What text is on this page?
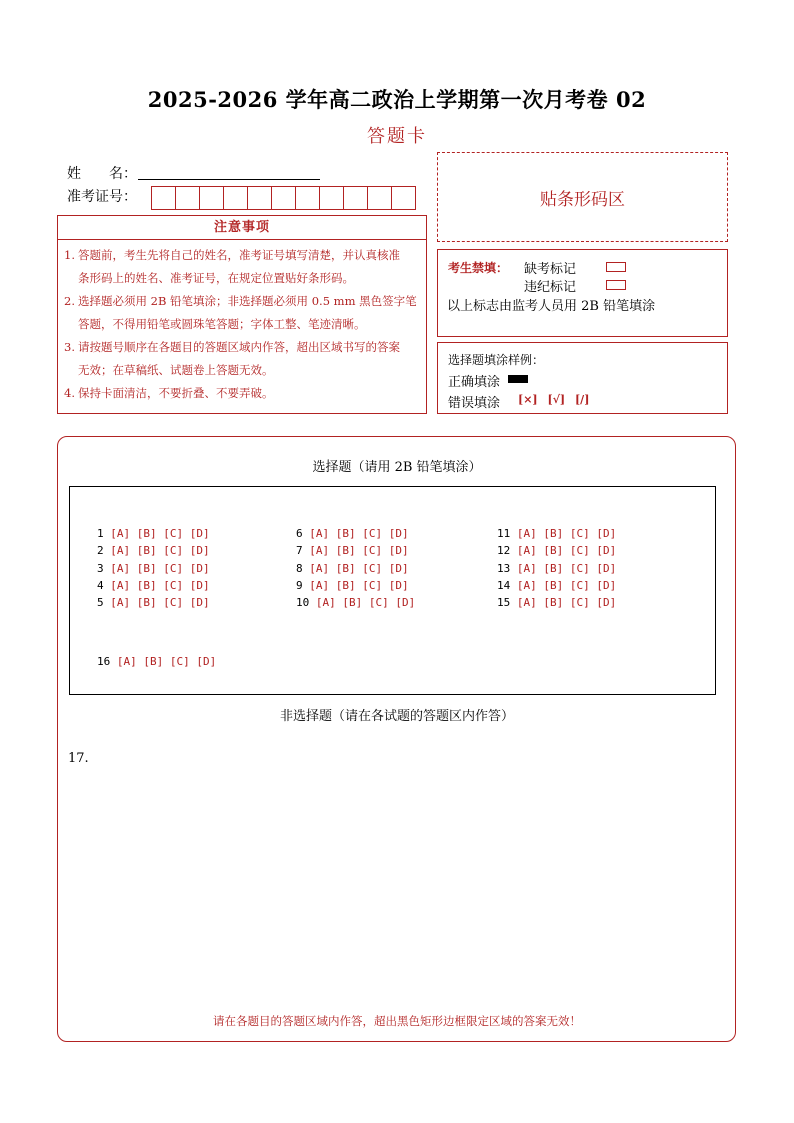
2025-2026 学年高二政治上学期第一次月考卷 02
答题卡
姓　　名：
准考证号：	贴条形码区
注意事项
1. 答题前，考生先将自己的姓名，准考证号填写清楚，并认真核准
条形码上的姓名、准考证号，在规定位置贴好条形码。
2. 选择题必须用 2B 铅笔填涂；非选择题必须用 0.5 mm 黑色签字笔
答题，不得用铅笔或圆珠笔答题；字体工整、笔迹清晰。
3. 请按题号顺序在各题目的答题区域内作答，超出区域书写的答案
无效；在草稿纸、试题卷上答题无效。
4. 保持卡面清洁，不要折叠、不要弄破。
考生禁填： 缺考标记
违纪标记
以上标志由监考人员用 2B 铅笔填涂
选择题填涂样例：
正确填涂
错误填涂 [×] [√] [/]
选择题（请用 2B 铅笔填涂）
1 [A] [B] [C] [D]
2 [A] [B] [C] [D]
3 [A] [B] [C] [D]
4 [A] [B] [C] [D]
5 [A] [B] [C] [D]
6 [A] [B] [C] [D]
7 [A] [B] [C] [D]
8 [A] [B] [C] [D]
9 [A] [B] [C] [D]
10 [A] [B] [C] [D]
11 [A] [B] [C] [D]
12 [A] [B] [C] [D]
13 [A] [B] [C] [D]
14 [A] [B] [C] [D]
15 [A] [B] [C] [D]
16 [A] [B] [C] [D]
非选择题（请在各试题的答题区内作答）
17.
请在各题目的答题区域内作答，超出黑色矩形边框限定区域的答案无效！
